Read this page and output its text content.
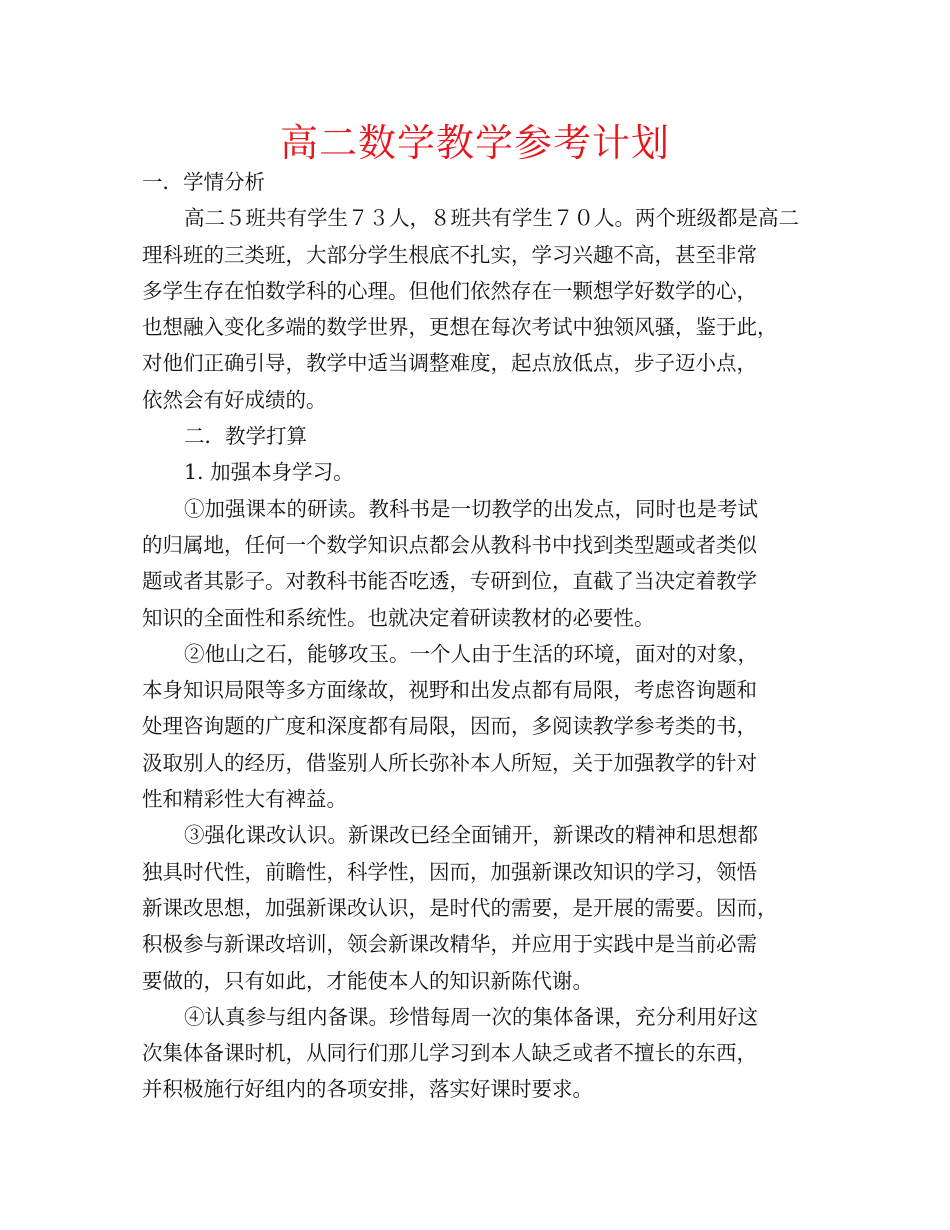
高二数学教学参考计划
一．学情分析
高二５班共有学生７３人，８班共有学生７０人。两个班级都是高二
理科班的三类班，大部分学生根底不扎实，学习兴趣不高，甚至非常
多学生存在怕数学科的心理。但他们依然存在一颗想学好数学的心，
也想融入变化多端的数学世界，更想在每次考试中独领风骚，鉴于此，
对他们正确引导，教学中适当调整难度，起点放低点，步子迈小点，
依然会有好成绩的。
二．教学打算
1. 加强本身学习。
①加强课本的研读。教科书是一切教学的出发点，同时也是考试
的归属地，任何一个数学知识点都会从教科书中找到类型题或者类似
题或者其影子。对教科书能否吃透，专研到位，直截了当决定着教学
知识的全面性和系统性。也就决定着研读教材的必要性。
②他山之石，能够攻玉。一个人由于生活的环境，面对的对象，
本身知识局限等多方面缘故，视野和出发点都有局限，考虑咨询题和
处理咨询题的广度和深度都有局限，因而，多阅读教学参考类的书，
汲取别人的经历，借鉴别人所长弥补本人所短，关于加强教学的针对
性和精彩性大有裨益。
③强化课改认识。新课改已经全面铺开，新课改的精神和思想都
独具时代性，前瞻性，科学性，因而，加强新课改知识的学习，领悟
新课改思想，加强新课改认识，是时代的需要，是开展的需要。因而，
积极参与新课改培训，领会新课改精华，并应用于实践中是当前必需
要做的，只有如此，才能使本人的知识新陈代谢。
④认真参与组内备课。珍惜每周一次的集体备课，充分利用好这
次集体备课时机，从同行们那儿学习到本人缺乏或者不擅长的东西，
并积极施行好组内的各项安排，落实好课时要求。
